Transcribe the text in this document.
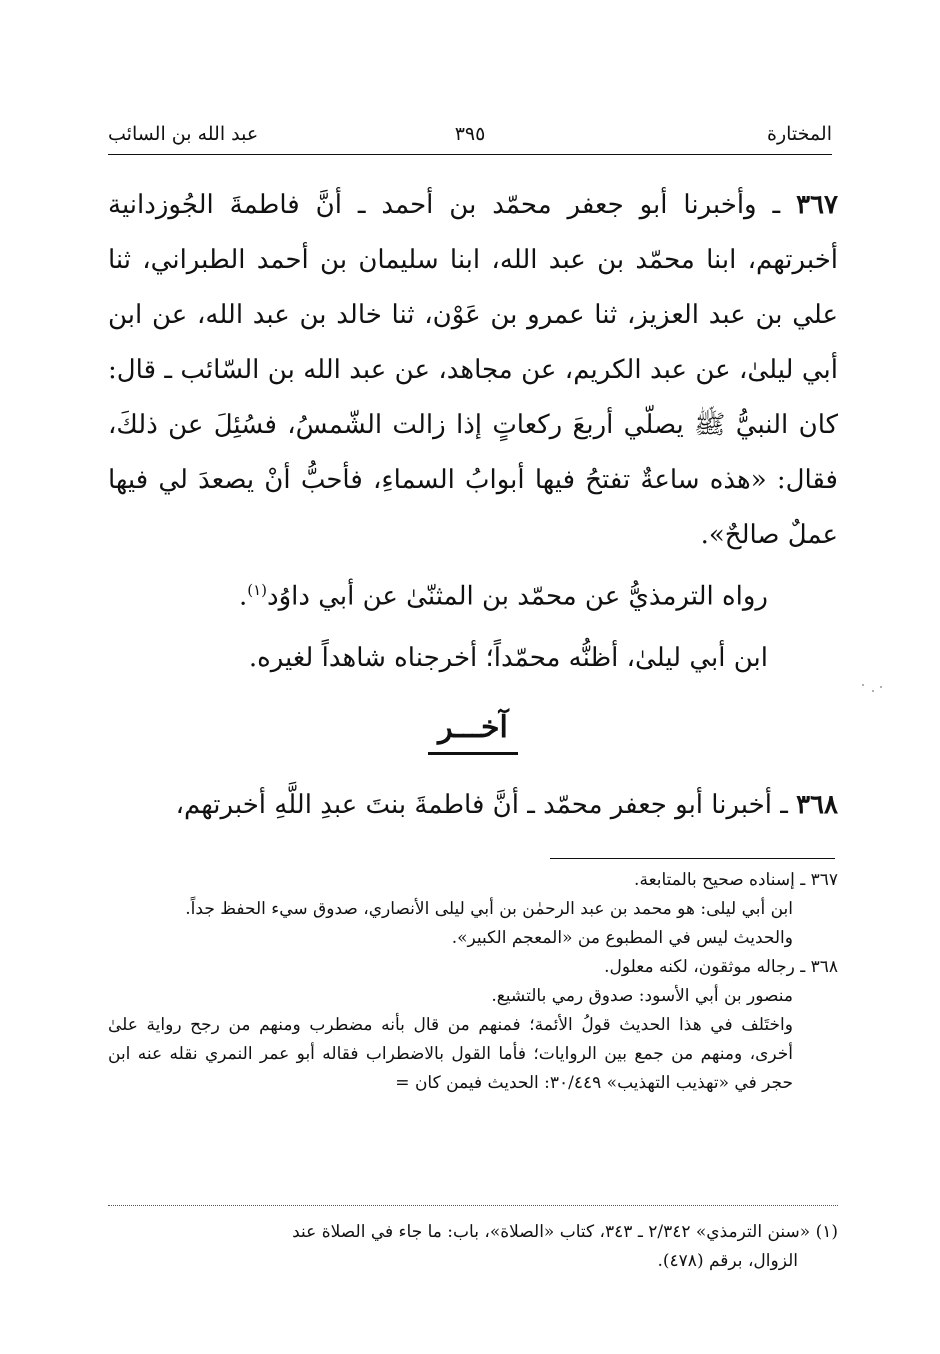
المختارة
٣٩٥
عبد الله بن السائب

٣٦٧ ـ وأخبرنا أبو جعفر محمّد بن أحمد ـ أنَّ فاطمةَ الجُوزدانية أخبرتهم، ابنا محمّد بن عبد الله، ابنا سليمان بن أحمد الطبراني، ثنا علي بن عبد العزيز، ثنا عمرو بن عَوْن، ثنا خالد بن عبد الله، عن ابن أبي ليلىٰ، عن عبد الكريم، عن مجاهد، عن عبد الله بن السّائب ـ قال: كان النبيُّ ﷺ يصلّي أربعَ ركعاتٍ إذا زالت الشّمسُ، فسُئِلَ عن ذلكَ، فقال: «هذه ساعةٌ تفتحُ فيها أبوابُ السماءِ، فأحبُّ أنْ يصعدَ لي فيها عملٌ صالحٌ».

رواه الترمذيُّ عن محمّد بن المثنّىٰ عن أبي داوُد$^{(١)}$.

ابن أبي ليلىٰ، أظنُّه محمّداً؛ أخرجناه شاهداً لغيره.

آخـــر

٣٦٨ ـ أخبرنا أبو جعفر محمّد ـ أنَّ فاطمةَ بنتَ عبدِ اللَّهِ أخبرتهم،

٣٦٧ ـ إسناده صحيح بالمتابعة.

ابن أبي ليلى: هو محمد بن عبد الرحمٰن بن أبي ليلى الأنصاري، صدوق سيء الحفظ جداً.

والحديث ليس في المطبوع من «المعجم الكبير».

٣٦٨ ـ رجاله موثقون، لكنه معلول.

منصور بن أبي الأسود: صدوق رمي بالتشيع.

واختَلف في هذا الحديث قولُ الأئمة؛ فمنهم من قال بأنه مضطرب ومنهم من رجح رواية علىٰ أخرى، ومنهم من جمع بين الروايات؛ فأما القول بالاضطراب فقاله أبو عمر النمري نقله عنه ابن حجر في «تهذيب التهذيب» ٣٠/٤٤٩: الحديث فيمن كان =

(١) «سنن الترمذي» ٢/٣٤٢ ـ ٣٤٣، كتاب «الصلاة»، باب: ما جاء في الصلاة عند

الزوال، برقم (٤٧٨).
